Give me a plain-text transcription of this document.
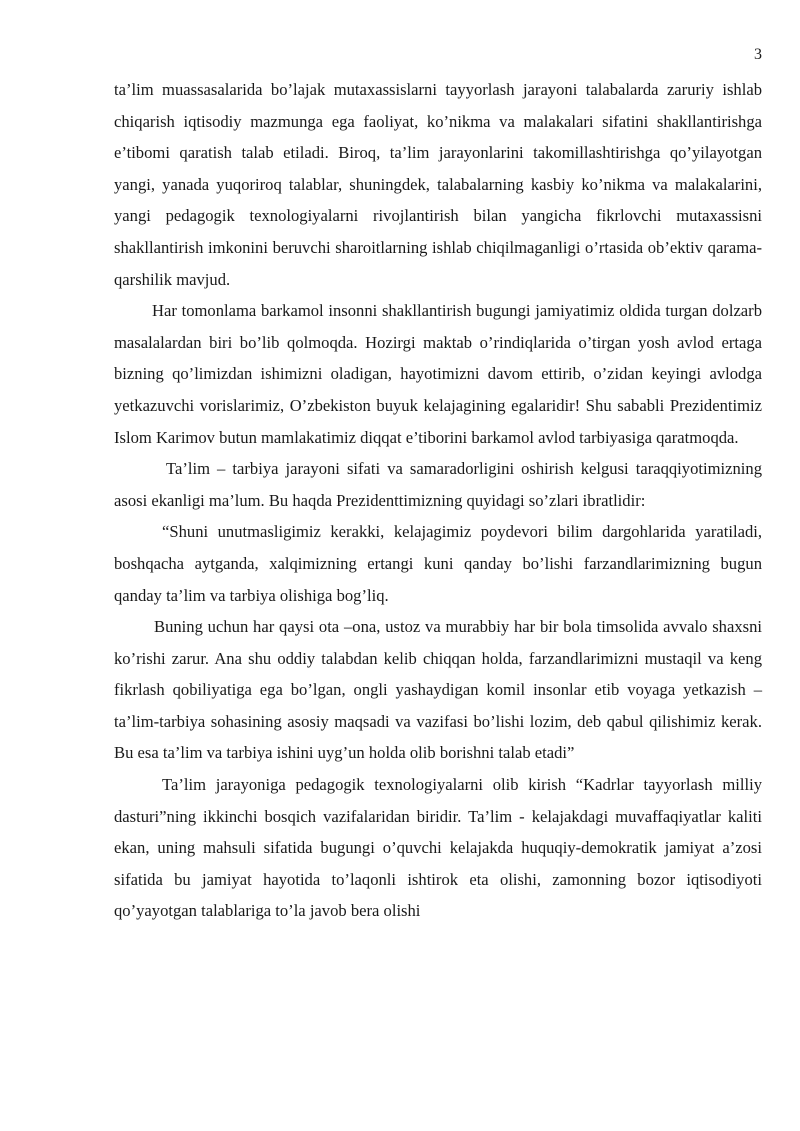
3

ta’lim muassasalarida bo’lajak mutaxassislarni tayyorlash jarayoni talabalarda zaruriy ishlab chiqarish iqtisodiy mazmunga ega faoliyat, ko’nikma va malakalari sifatini shakllantirishga e’tibomi qaratish talab etiladi. Biroq, ta’lim jarayonlarini takomillashtirishga qo’yilayotgan yangi, yanada yuqoriroq talablar, shuningdek, talabalarning kasbiy ko’nikma va malakalarini, yangi pedagogik texnologiyalarni rivojlantirish bilan yangicha fikrlovchi mutaxassisni shakllantirish imkonini beruvchi sharoitlarning ishlab chiqilmaganligi o’rtasida ob’ektiv qarama-qarshilik mavjud.

Har tomonlama barkamol insonni shakllantirish bugungi jamiyatimiz oldida turgan dolzarb masalalardan biri bo’lib qolmoqda. Hozirgi maktab o’rindiqlarida o’tirgan yosh avlod ertaga bizning qo’limizdan ishimizni oladigan, hayotimizni davom ettirib, o’zidan keyingi avlodga yetkazuvchi vorislarimiz, O’zbekiston buyuk kelajagining egalaridir! Shu sababli Prezidentimiz Islom Karimov butun mamlakatimiz diqqat e’tiborini barkamol avlod tarbiyasiga qaratmoqda.

Ta’lim – tarbiya jarayoni sifati va samaradorligini oshirish kelgusi taraqqiyotimizning asosi ekanligi ma’lum. Bu haqda Prezidenttimizning quyidagi so’zlari ibratlidir:

“Shuni unutmasligimiz kerakki, kelajagimiz poydevori bilim dargohlarida yaratiladi, boshqacha aytganda, xalqimizning ertangi kuni qanday bo’lishi farzandlarimizning bugun qanday ta’lim va tarbiya olishiga bog’liq.

Buning uchun har qaysi ota –ona, ustoz va murabbiy har bir bola timsolida avvalo shaxsni ko’rishi zarur. Ana shu oddiy talabdan kelib chiqqan holda, farzandlarimizni mustaqil va keng fikrlash qobiliyatiga ega bo’lgan, ongli yashaydigan komil insonlar etib voyaga yetkazish – ta’lim-tarbiya sohasining asosiy maqsadi va vazifasi bo’lishi lozim, deb qabul qilishimiz kerak. Bu esa ta’lim va tarbiya ishini uyg’un holda olib borishni talab etadi”

Ta’lim jarayoniga pedagogik texnologiyalarni olib kirish “Kadrlar tayyorlash milliy dasturi”ning ikkinchi bosqich vazifalaridan biridir. Ta’lim - kelajakdagi muvaffaqiyatlar kaliti ekan, uning mahsuli sifatida bugungi o’quvchi kelajakda huquqiy-demokratik jamiyat a’zosi sifatida bu jamiyat hayotida to’laqonli ishtirok eta olishi, zamonning bozor iqtisodiyoti qo’yayotgan talablariga to’la javob bera olishi
